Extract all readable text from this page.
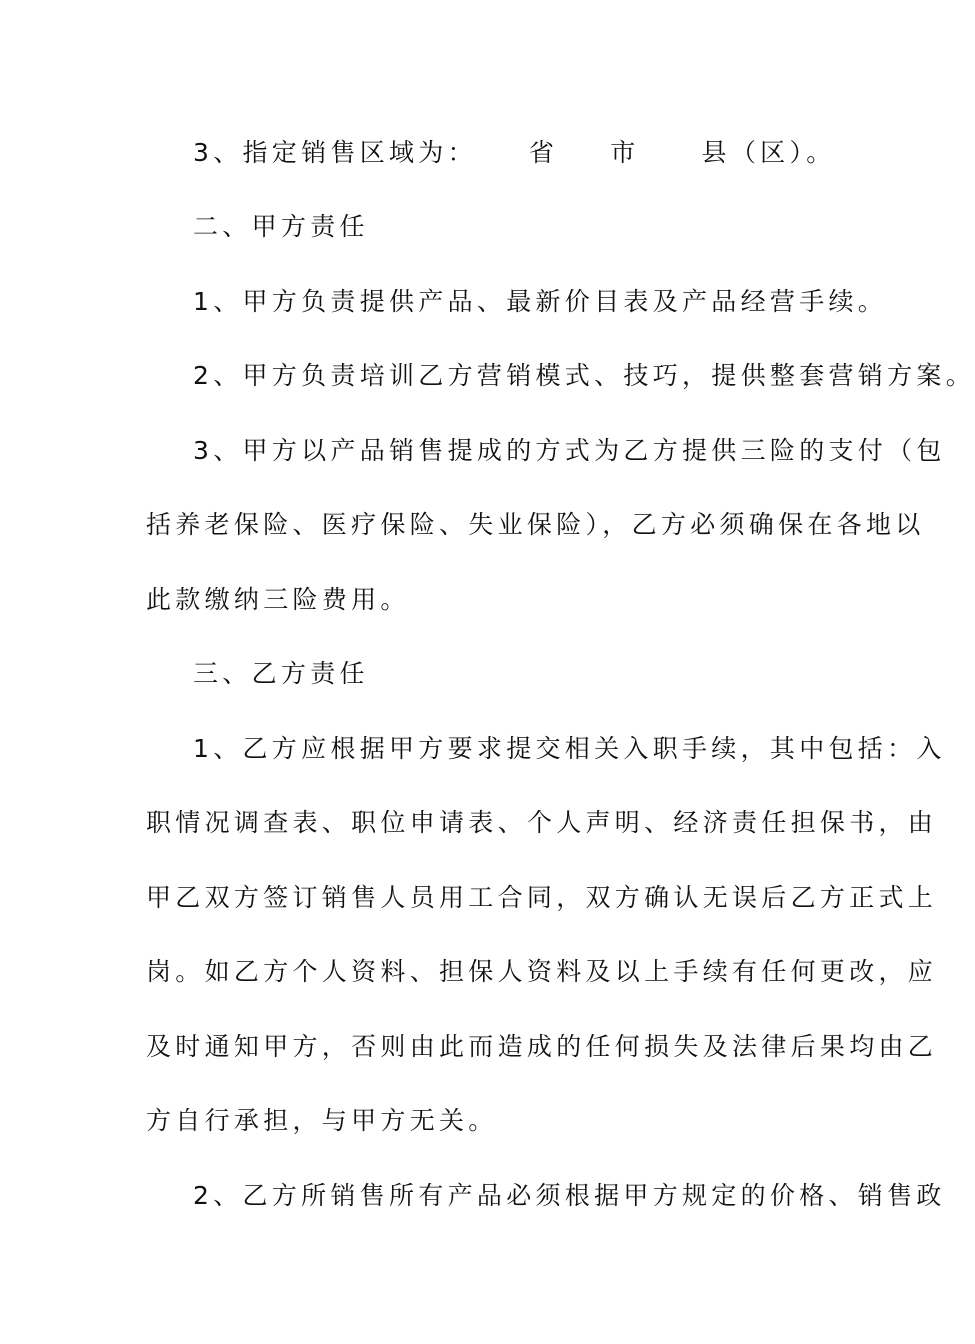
3、指定销售区域为： 省 市 县（区）。
二、甲方责任
1、甲方负责提供产品、最新价目表及产品经营手续。
2、甲方负责培训乙方营销模式、技巧，提供整套营销方案。
3、甲方以产品销售提成的方式为乙方提供三险的支付（包
括养老保险、医疗保险、失业保险），乙方必须确保在各地以
此款缴纳三险费用。
三、乙方责任
1、乙方应根据甲方要求提交相关入职手续，其中包括：入
职情况调查表、职位申请表、个人声明、经济责任担保书，由
甲乙双方签订销售人员用工合同，双方确认无误后乙方正式上
岗。如乙方个人资料、担保人资料及以上手续有任何更改，应
及时通知甲方，否则由此而造成的任何损失及法律后果均由乙
方自行承担，与甲方无关。
2、乙方所销售所有产品必须根据甲方规定的价格、销售政
